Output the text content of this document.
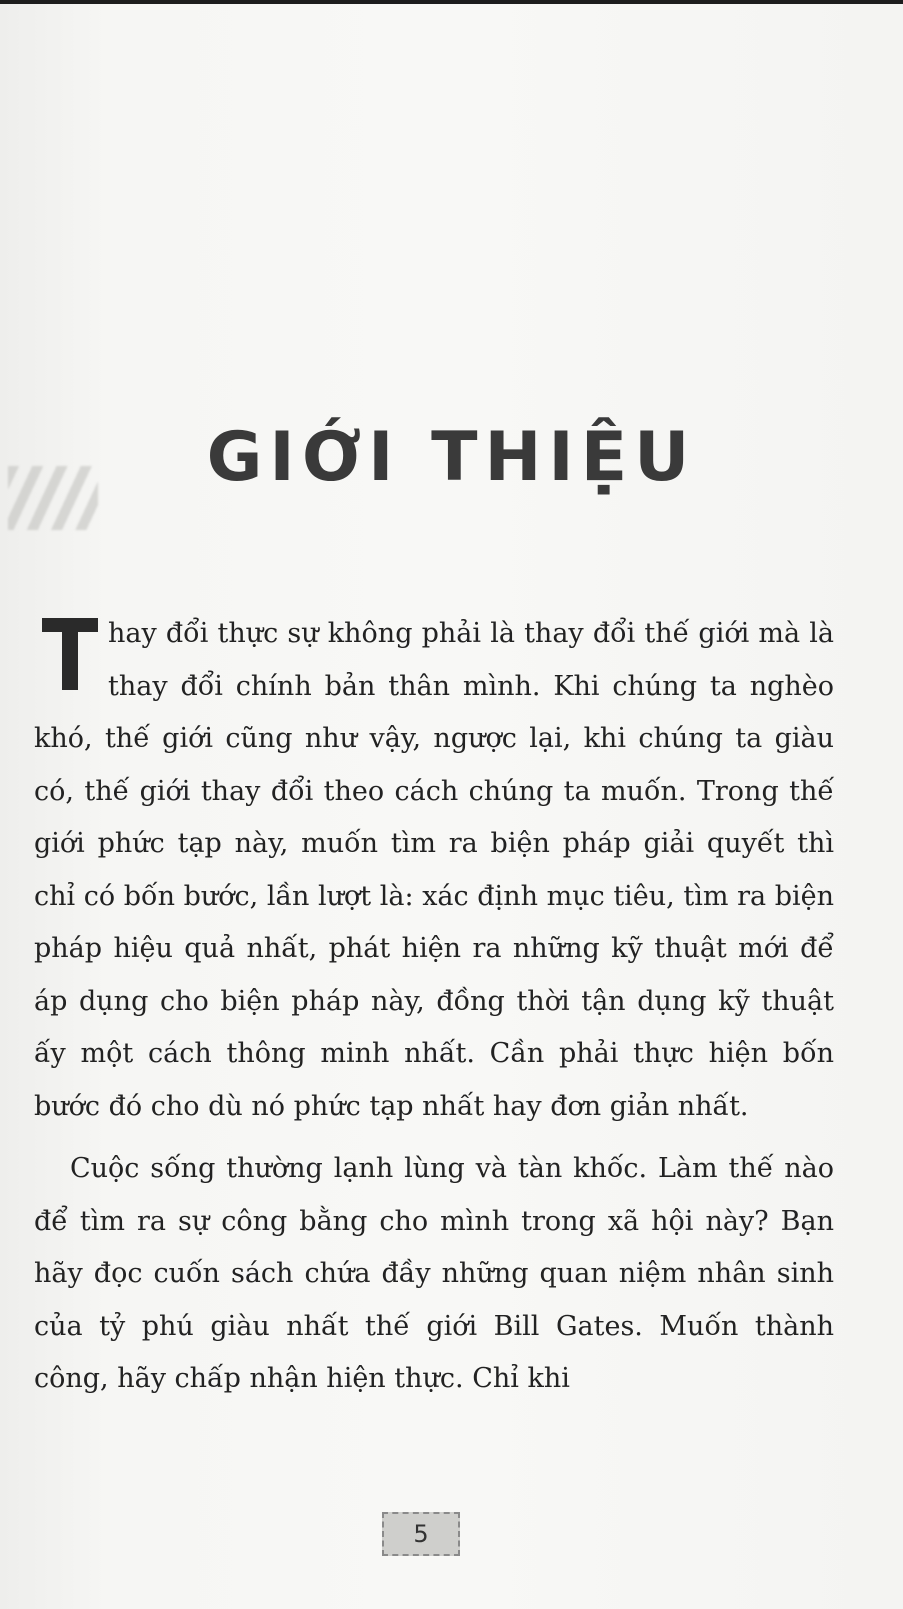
GIỚI THIỆU

hay đổi thực sự không phải là thay đổi thế giới mà là thay đổi chính bản thân mình. Khi chúng ta nghèo khó, thế giới cũng như vậy, ngược lại, khi chúng ta giàu có, thế giới thay đổi theo cách chúng ta muốn. Trong thế giới phức tạp này, muốn tìm ra biện pháp giải quyết thì chỉ có bốn bước, lần lượt là: xác định mục tiêu, tìm ra biện pháp hiệu quả nhất, phát hiện ra những kỹ thuật mới để áp dụng cho biện pháp này, đồng thời tận dụng kỹ thuật ấy một cách thông minh nhất. Cần phải thực hiện bốn bước đó cho dù nó phức tạp nhất hay đơn giản nhất.

Cuộc sống thường lạnh lùng và tàn khốc. Làm thế nào để tìm ra sự công bằng cho mình trong xã hội này? Bạn hãy đọc cuốn sách chứa đầy những quan niệm nhân sinh của tỷ phú giàu nhất thế giới Bill Gates. Muốn thành công, hãy chấp nhận hiện thực. Chỉ khi

5
